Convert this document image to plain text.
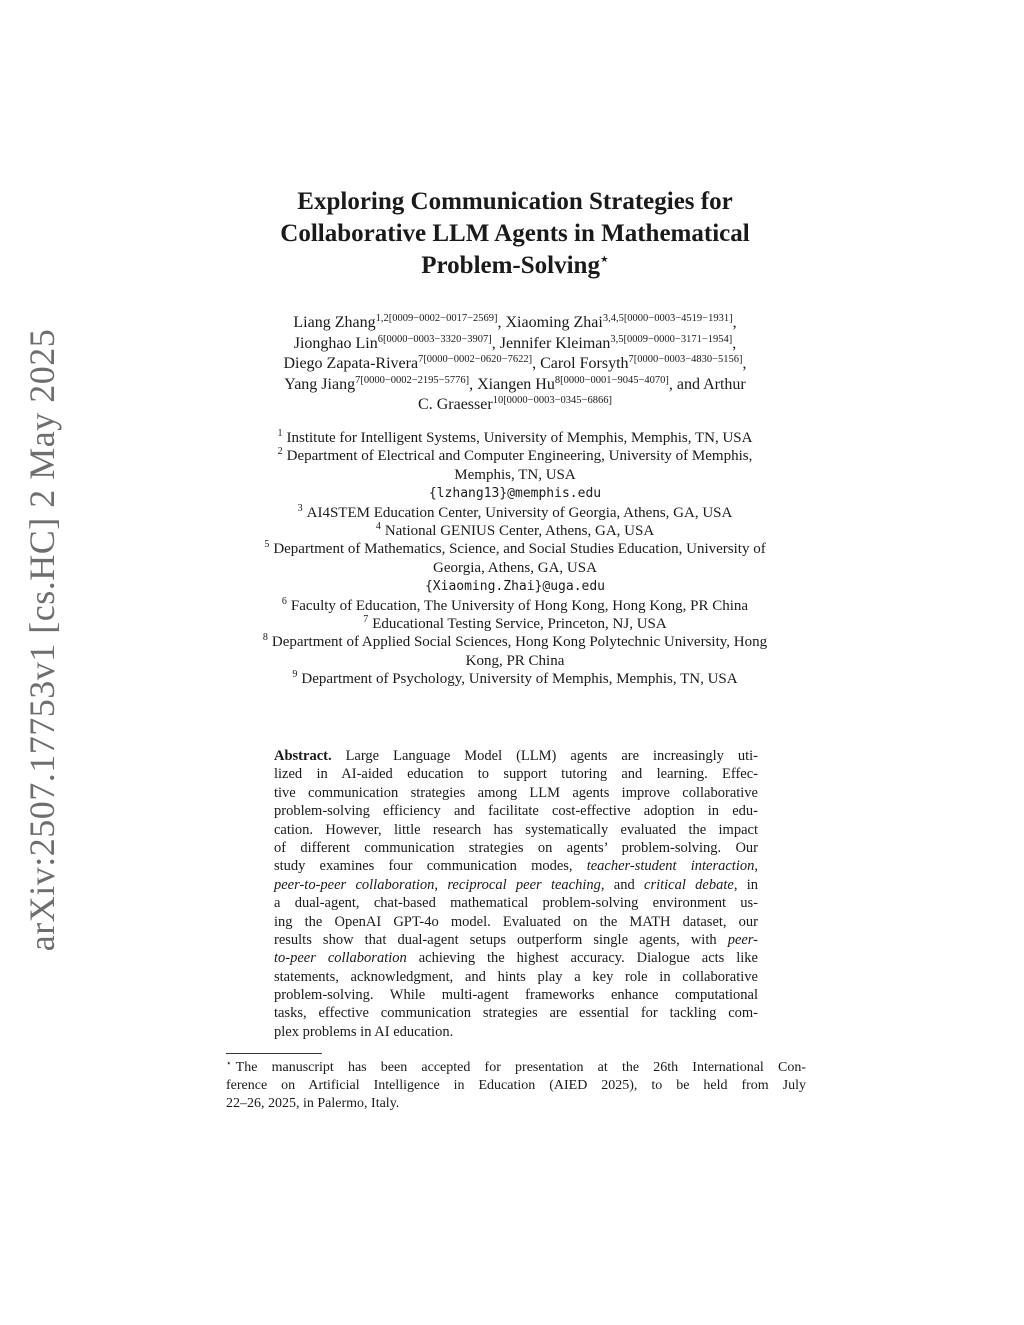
arXiv:2507.17753v1 [cs.HC] 2 May 2025
Exploring Communication Strategies for
Collaborative LLM Agents in Mathematical
Problem-Solving⋆
Liang Zhang$^{1,2[0009-0002-0017-2569]}$, Xiaoming Zhai$^{3,4,5[0000-0003-4519-1931]}$,
Jionghao Lin$^{6[0000-0003-3320-3907]}$, Jennifer Kleiman$^{3,5[0009-0000-3171-1954]}$,
Diego Zapata-Rivera$^{7[0000-0002-0620-7622]}$, Carol Forsyth$^{7[0000-0003-4830-5156]}$,
Yang Jiang$^{7[0000-0002-2195-5776]}$, Xiangen $Hu^{8[0000-0001-9045-4070]}$, and Arthur
C. Graesser$^{10[0000-0003-0345-6866]}$
$^1$ Institute for Intelligent Systems, University of Memphis, Memphis, TN, USA
$^2$ Department of Electrical and Computer Engineering, University of Memphis,
Memphis, TN, USA
{lzhang13}@memphis.edu
$^3$ AI4STEM Education Center, University of Georgia, Athens, GA, USA
$^4$ National GENIUS Center, Athens, GA, USA
$^5$ Department of Mathematics, Science, and Social Studies Education, University of
Georgia, Athens, GA, USA
{Xiaoming.Zhai}@uga.edu
$^6$ Faculty of Education, The University of Hong Kong, Hong Kong, PR China
$^7$ Educational Testing Service, Princeton, NJ, USA
$^8$ Department of Applied Social Sciences, Hong Kong Polytechnic University, Hong
Kong, PR China
$^9$ Department of Psychology, University of Memphis, Memphis, TN, USA
Abstract. Large Language Model (LLM) agents are increasingly uti-
lized in AI-aided education to support tutoring and learning. Effec-
tive communication strategies among LLM agents improve collaborative
problem-solving efficiency and facilitate cost-effective adoption in edu-
cation. However, little research has systematically evaluated the impact
of different communication strategies on agents’ problem-solving. Our
study examines four communication modes, teacher-student interaction,
peer-to-peer collaboration, reciprocal peer teaching, and critical debate, in
a dual-agent, chat-based mathematical problem-solving environment us-
ing the OpenAI GPT-4o model. Evaluated on the MATH dataset, our
results show that dual-agent setups outperform single agents, with peer-
to-peer collaboration achieving the highest accuracy. Dialogue acts like
statements, acknowledgment, and hints play a key role in collaborative
problem-solving. While multi-agent frameworks enhance computational
tasks, effective communication strategies are essential for tackling com-
plex problems in AI education.
⋆ The manuscript has been accepted for presentation at the 26th International Con-
ference on Artificial Intelligence in Education (AIED 2025), to be held from July
22–26, 2025, in Palermo, Italy.
